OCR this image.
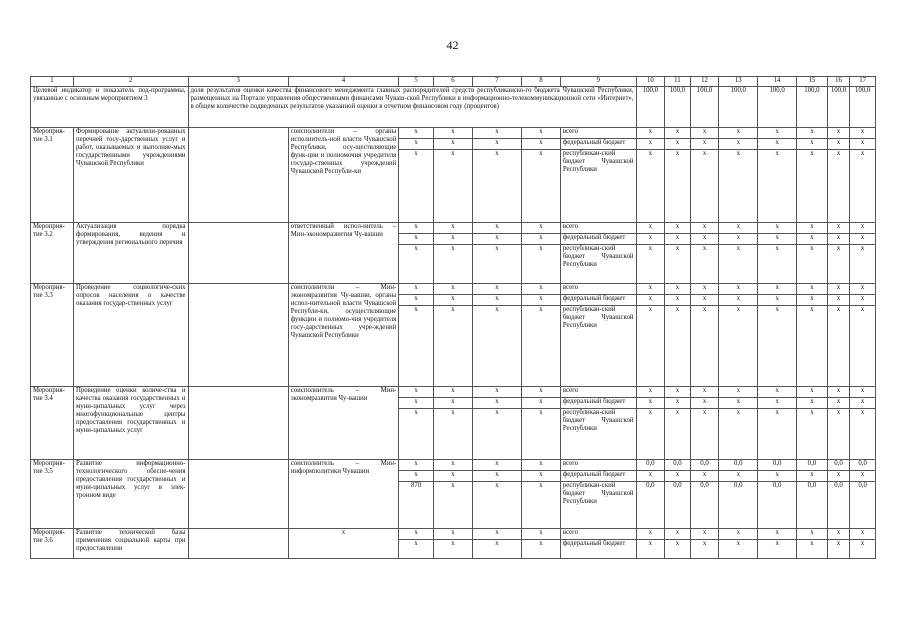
42
1	2	3	4	5	6	7	8	9	10	11	12	13	14	15	16	17
Целевой индикатор и показатель под-программы, увязанные с основным мероприятием 3		доля результатов оценки качества финансового менеджмента главных распорядителей средств республиканско-го бюджета Чувашской Республики, размещенных на Портале управления общественными финансами Чуваш-ской Республики в информационно-телекоммуникационной сети «Интернет», в общем количестве подведенных результатов указанной оценки в отчетном финансовом году (процентов)							100,0	100,0	100,0	100,0	100,0	100,0	100,0	100,0
Мероприя-тие 3.1	Формирование актуализи-рованных перечней госу-дарственных услуг и работ, оказываемых и выполняе-мых государственными учреждениями Чувашской Республики		соисполнители – органы исполнитель-ной власти Чувашской Республики, осу-ществляющие функ-ции и полномочия учредителя государ-ственных учреждений Чувашской Республи-ки	x	x	x	x	всего	x	x	x	x	x	x	x	x
				x	x	x	x	федеральный бюджет	x	x	x	x	x	x	x	x
				x	x	x	x	республикан-ский бюджет Чувашской Республики	x	x	x	x	x	x	x	x
Мероприя-тие 3.2	Актуализация порядка формирования, ведения и утверждения регионального перечня		ответственный испол-нитель – Мин-экономразвития Чу-вашии	x	x	x	x	всего	x	x	x	x	x	x	x	x
				x	x	x	x	федеральный бюджет	x	x	x	x	x	x	x	x
				x	x	x	x	республикан-ский бюджет Чувашской Республики	x	x	x	x	x	x	x	x
Мероприя-тие 3.3	Проведение социологиче-ских опросов населения о качестве оказания государ-ственных услуг		соисполнители – Мин-экономразвития Чу-вашии, органы испол-нительной власти Чувашской Республи-ки, осуществляющие функции и полномо-чия учредителя госу-дарственных учре-ждений Чувашской Республики	x	x	x	x	всего	x	x	x	x	x	x	x	x
				x	x	x	x	федеральный бюджет	x	x	x	x	x	x	x	x
				x	x	x	x	республикан-ский бюджет Чувашской Республики	x	x	x	x	x	x	x	x
Мероприя-тие 3.4	Проведение оценки количе-ства и качества оказания государственных и муни-ципальных услуг через многофункциональные центры предоставления государственных и муни-ципальных услуг		соисполнитель – Мин-экономразвития Чу-вашии	x	x	x	x	всего	x	x	x	x	x	x	x	x
				x	x	x	x	федеральный бюджет	x	x	x	x	x	x	x	x
				x	x	x	x	республикан-ский бюджет Чувашской Республики	x	x	x	x	x	x	x	x
Мероприя-тие 3.5	Развитие информационно-технологического обеспе-чения предоставления государственных и муни-ципальных услуг в элек-тронном виде		соисполнитель – Мин-информполитики Чувашии	x	x	x	x	всего	0,0	0,0	0,0	0,0	0,0	0,0	0,0	0,0
				x	x	x	x	федеральный бюджет	x	x	x	x	x	x	x	x
				870	x	x	x	республикан-ский бюджет Чувашской Республики	0,0	0,0	0,0	0,0	0,0	0,0	0,0	0,0
Мероприя-тие 3.6	Развитие технической базы применения социальной карты при предоставлении		x	x	x	x	x	всего	x	x	x	x	x	x	x	x
				x	x	x	x	федеральный бюджет	x	x	x	x	x	x	x	x
